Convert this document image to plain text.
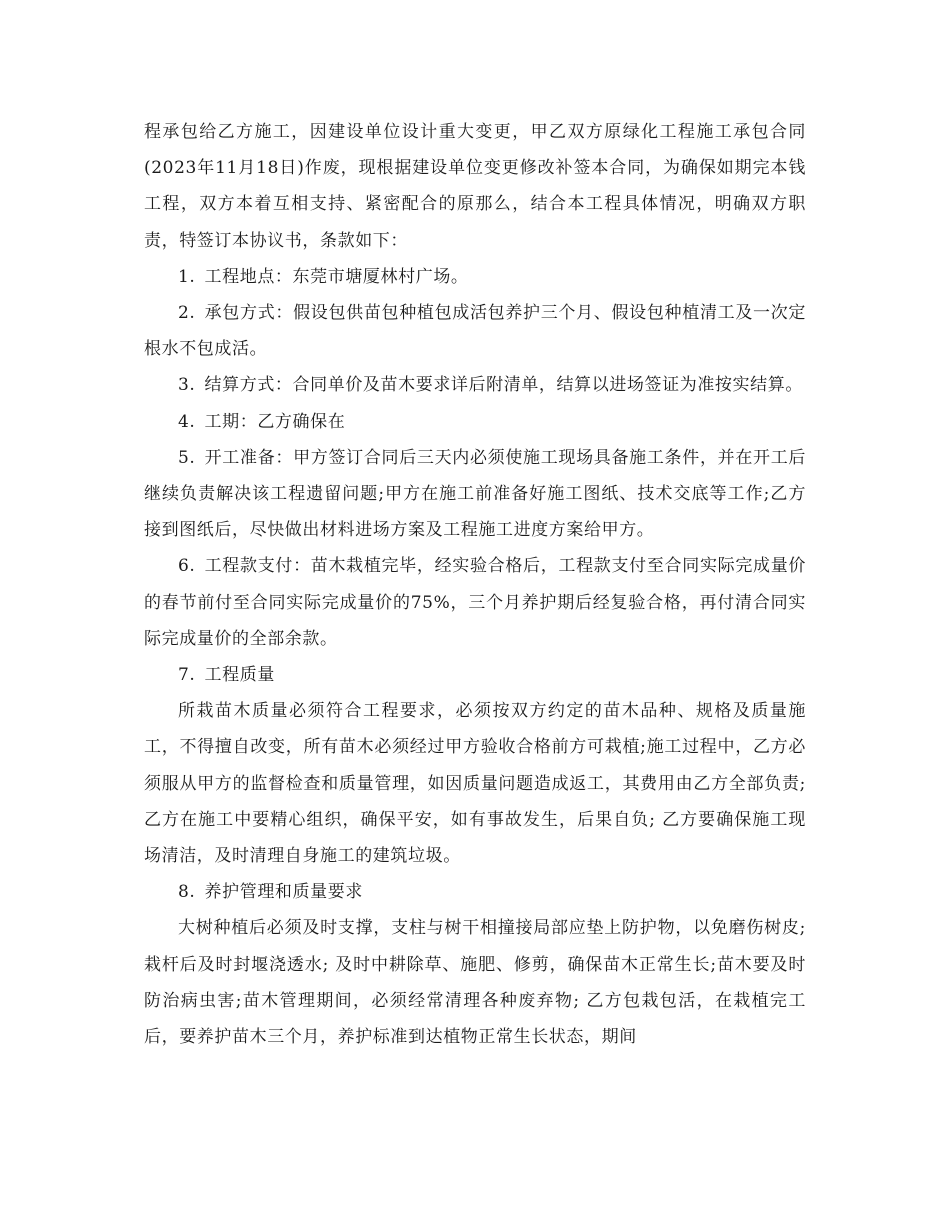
程承包给乙方施工，因建设单位设计重大变更，甲乙双方原绿化工程施工承包合同(2023年11月18日)作废，现根据建设单位变更修改补签本合同，为确保如期完本钱工程，双方本着互相支持、紧密配合的原那么，结合本工程具体情况，明确双方职责，特签订本协议书，条款如下：

1.  工程地点：东莞市塘厦林村广场。

2.  承包方式：假设包供苗包种植包成活包养护三个月、假设包种植清工及一次定根水不包成活。

3.  结算方式：合同单价及苗木要求详后附清单，结算以进场签证为准按实结算。

4.  工期：乙方确保在

5.  开工准备：甲方签订合同后三天内必须使施工现场具备施工条件，并在开工后继续负责解决该工程遗留问题;甲方在施工前准备好施工图纸、技术交底等工作;乙方接到图纸后，尽快做出材料进场方案及工程施工进度方案给甲方。

6.  工程款支付：苗木栽植完毕，经实验合格后，工程款支付至合同实际完成量价的春节前付至合同实际完成量价的75%，三个月养护期后经复验合格，再付清合同实际完成量价的全部余款。

7.  工程质量

所栽苗木质量必须符合工程要求，必须按双方约定的苗木品种、规格及质量施工，不得擅自改变，所有苗木必须经过甲方验收合格前方可栽植;施工过程中，乙方必须服从甲方的监督检查和质量管理，如因质量问题造成返工，其费用由乙方全部负责;乙方在施工中要精心组织，确保平安，如有事故发生，后果自负; 乙方要确保施工现场清洁，及时清理自身施工的建筑垃圾。

8.  养护管理和质量要求

大树种植后必须及时支撑，支柱与树干相撞接局部应垫上防护物，以免磨伤树皮; 栽杆后及时封堰浇透水; 及时中耕除草、施肥、修剪，确保苗木正常生长;苗木要及时防治病虫害;苗木管理期间，必须经常清理各种废弃物; 乙方包栽包活，在栽植完工后，要养护苗木三个月，养护标准到达植物正常生长状态，期间
